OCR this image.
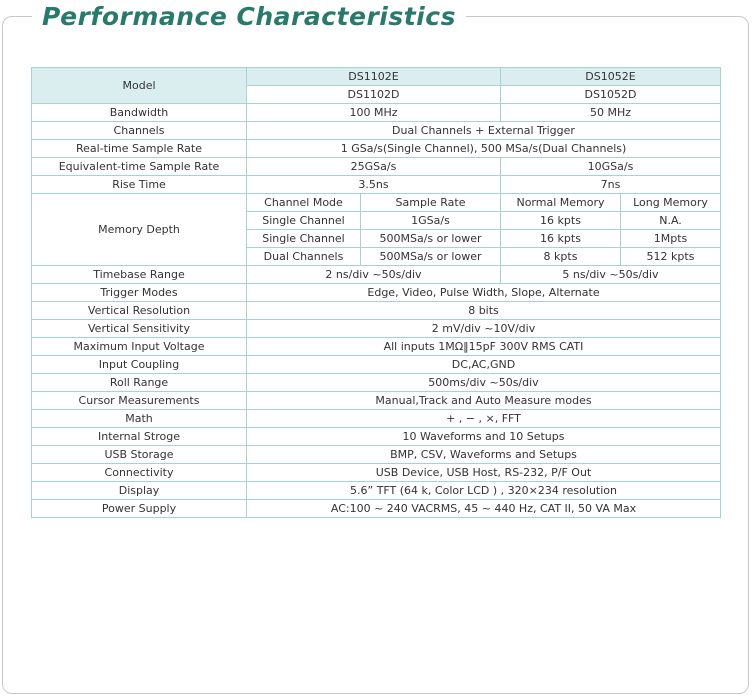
Performance Characteristics
Model	DS1102E		DS1052E	
	DS1102D		DS1052D	
Bandwidth	100 MHz		50 MHz	
Channels	Dual Channels + External Trigger			
Real-time Sample Rate	1 GSa/s(Single Channel), 500 MSa/s(Dual Channels)			
Equivalent-time Sample Rate	25GSa/s		10GSa/s	
Rise Time	3.5ns		7ns	
Memory Depth	Channel Mode	Sample Rate	Normal Memory	Long Memory
	Single Channel	1GSa/s	16 kpts	N.A.
	Single Channel	500MSa/s or lower	16 kpts	1Mpts
	Dual Channels	500MSa/s or lower	8 kpts	512 kpts
Timebase Range	2 ns/div ~50s/div		5 ns/div ~50s/div	
Trigger Modes	Edge, Video, Pulse Width, Slope, Alternate			
Vertical Resolution	8 bits			
Vertical Sensitivity	2 mV/div ~10V/div			
Maximum Input Voltage	All inputs 1MΩ‖15pF 300V RMS CATⅠ			
Input Coupling	DC,AC,GND			
Roll Range	500ms/div ~50s/div			
Cursor Measurements	Manual,Track and Auto Measure modes			
Math	+ , − , ×, FFT			
Internal Stroge	10 Waveforms and 10 Setups			
USB Storage	BMP, CSV, Waveforms and Setups			
Connectivity	USB Device, USB Host, RS-232, P/F Out			
Display	5.6” TFT (64 k, Color LCD ) , 320×234 resolution			
Power Supply	AC:100 ~ 240 VACRMS, 45 ~ 440 Hz, CAT II, 50 VA Max			
